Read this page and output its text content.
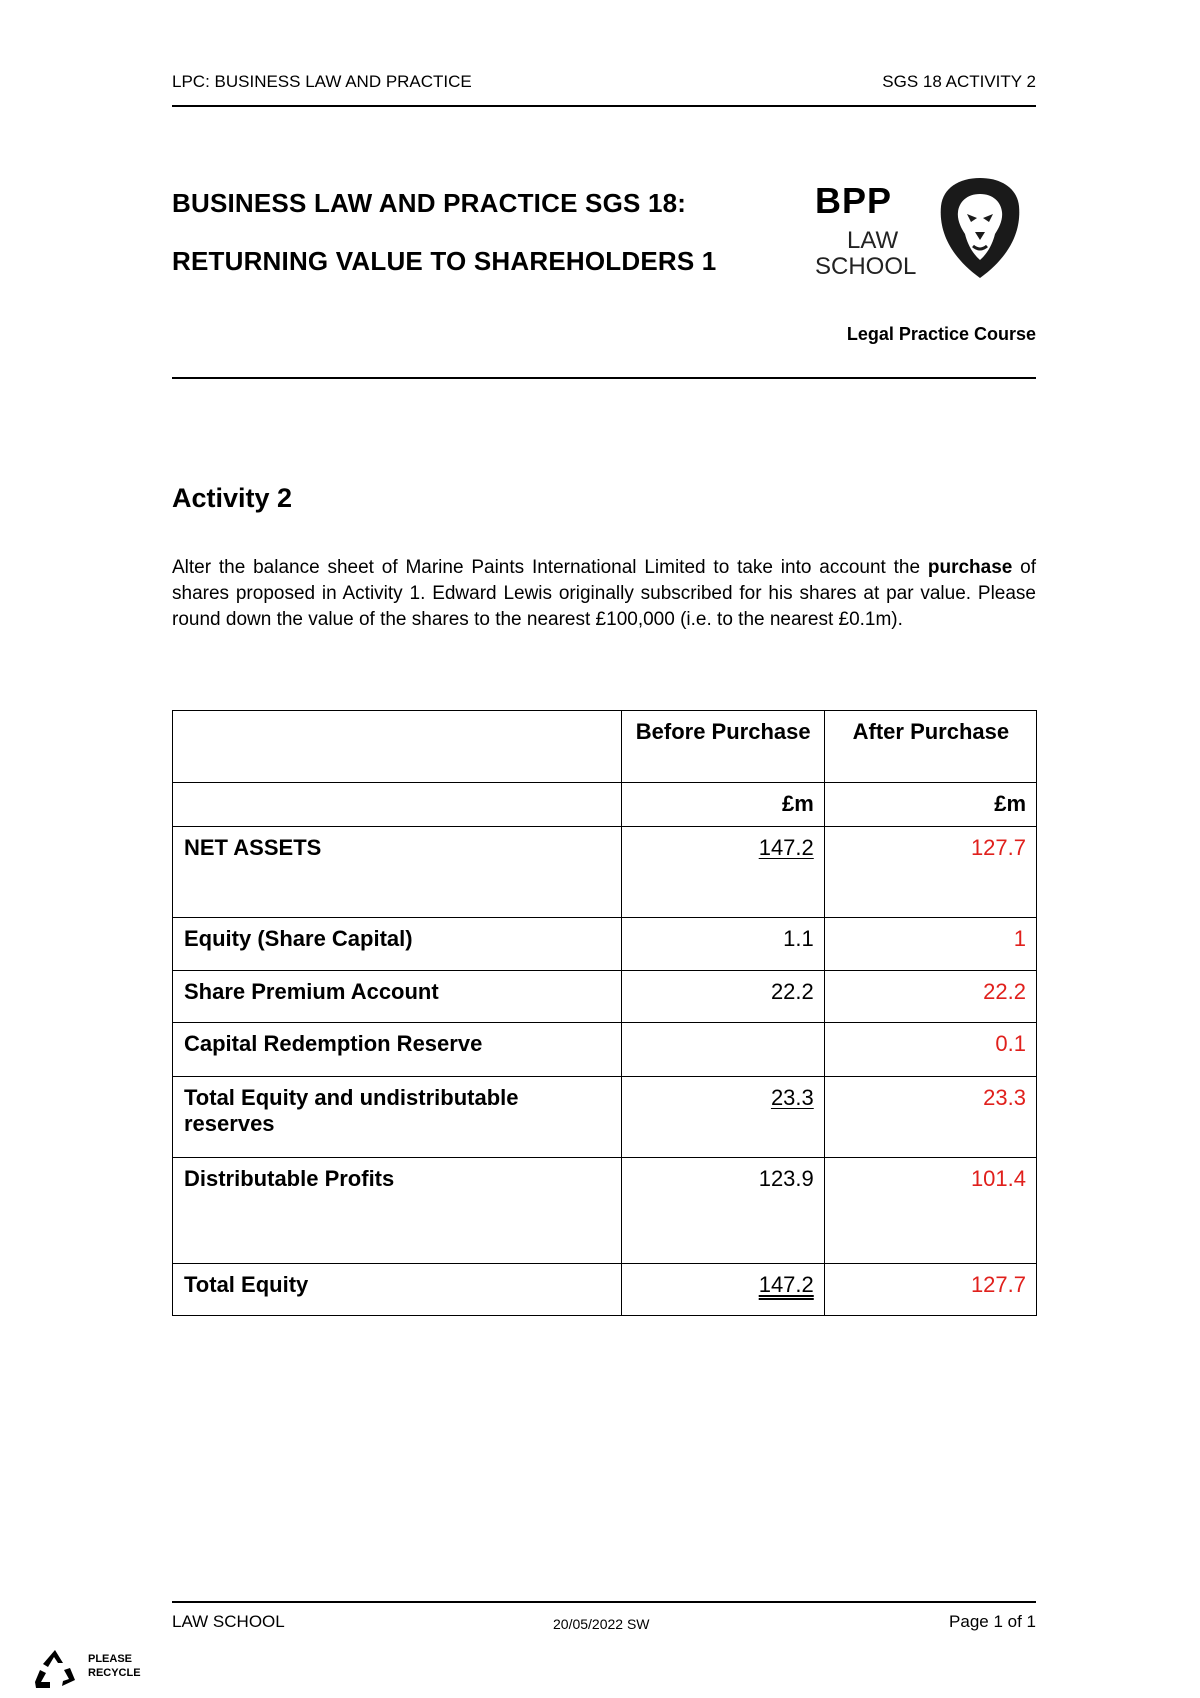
LPC: BUSINESS LAW AND PRACTICE	SGS 18 ACTIVITY 2
BUSINESS LAW AND PRACTICE SGS 18:
RETURNING VALUE TO SHAREHOLDERS 1
BPP
LAW
SCHOOL
Legal Practice Course
Activity 2

Alter the balance sheet of Marine Paints International Limited to take into account the purchase of shares proposed in Activity 1. Edward Lewis originally subscribed for his shares at par value. Please round down the value of the shares to the nearest £100,000 (i.e. to the nearest £0.1m).

	Before Purchase	After Purchase
	£m	£m
NET ASSETS	147.2	127.7
Equity (Share Capital)	1.1	1
Share Premium Account	22.2	22.2
Capital Redemption Reserve		0.1
Total Equity and undistributable reserves	23.3	23.3
Distributable Profits	123.9	101.4
Total Equity	147.2	127.7
LAW SCHOOL	20/05/2022 SW	Page 1 of 1
PLEASE
RECYCLE
